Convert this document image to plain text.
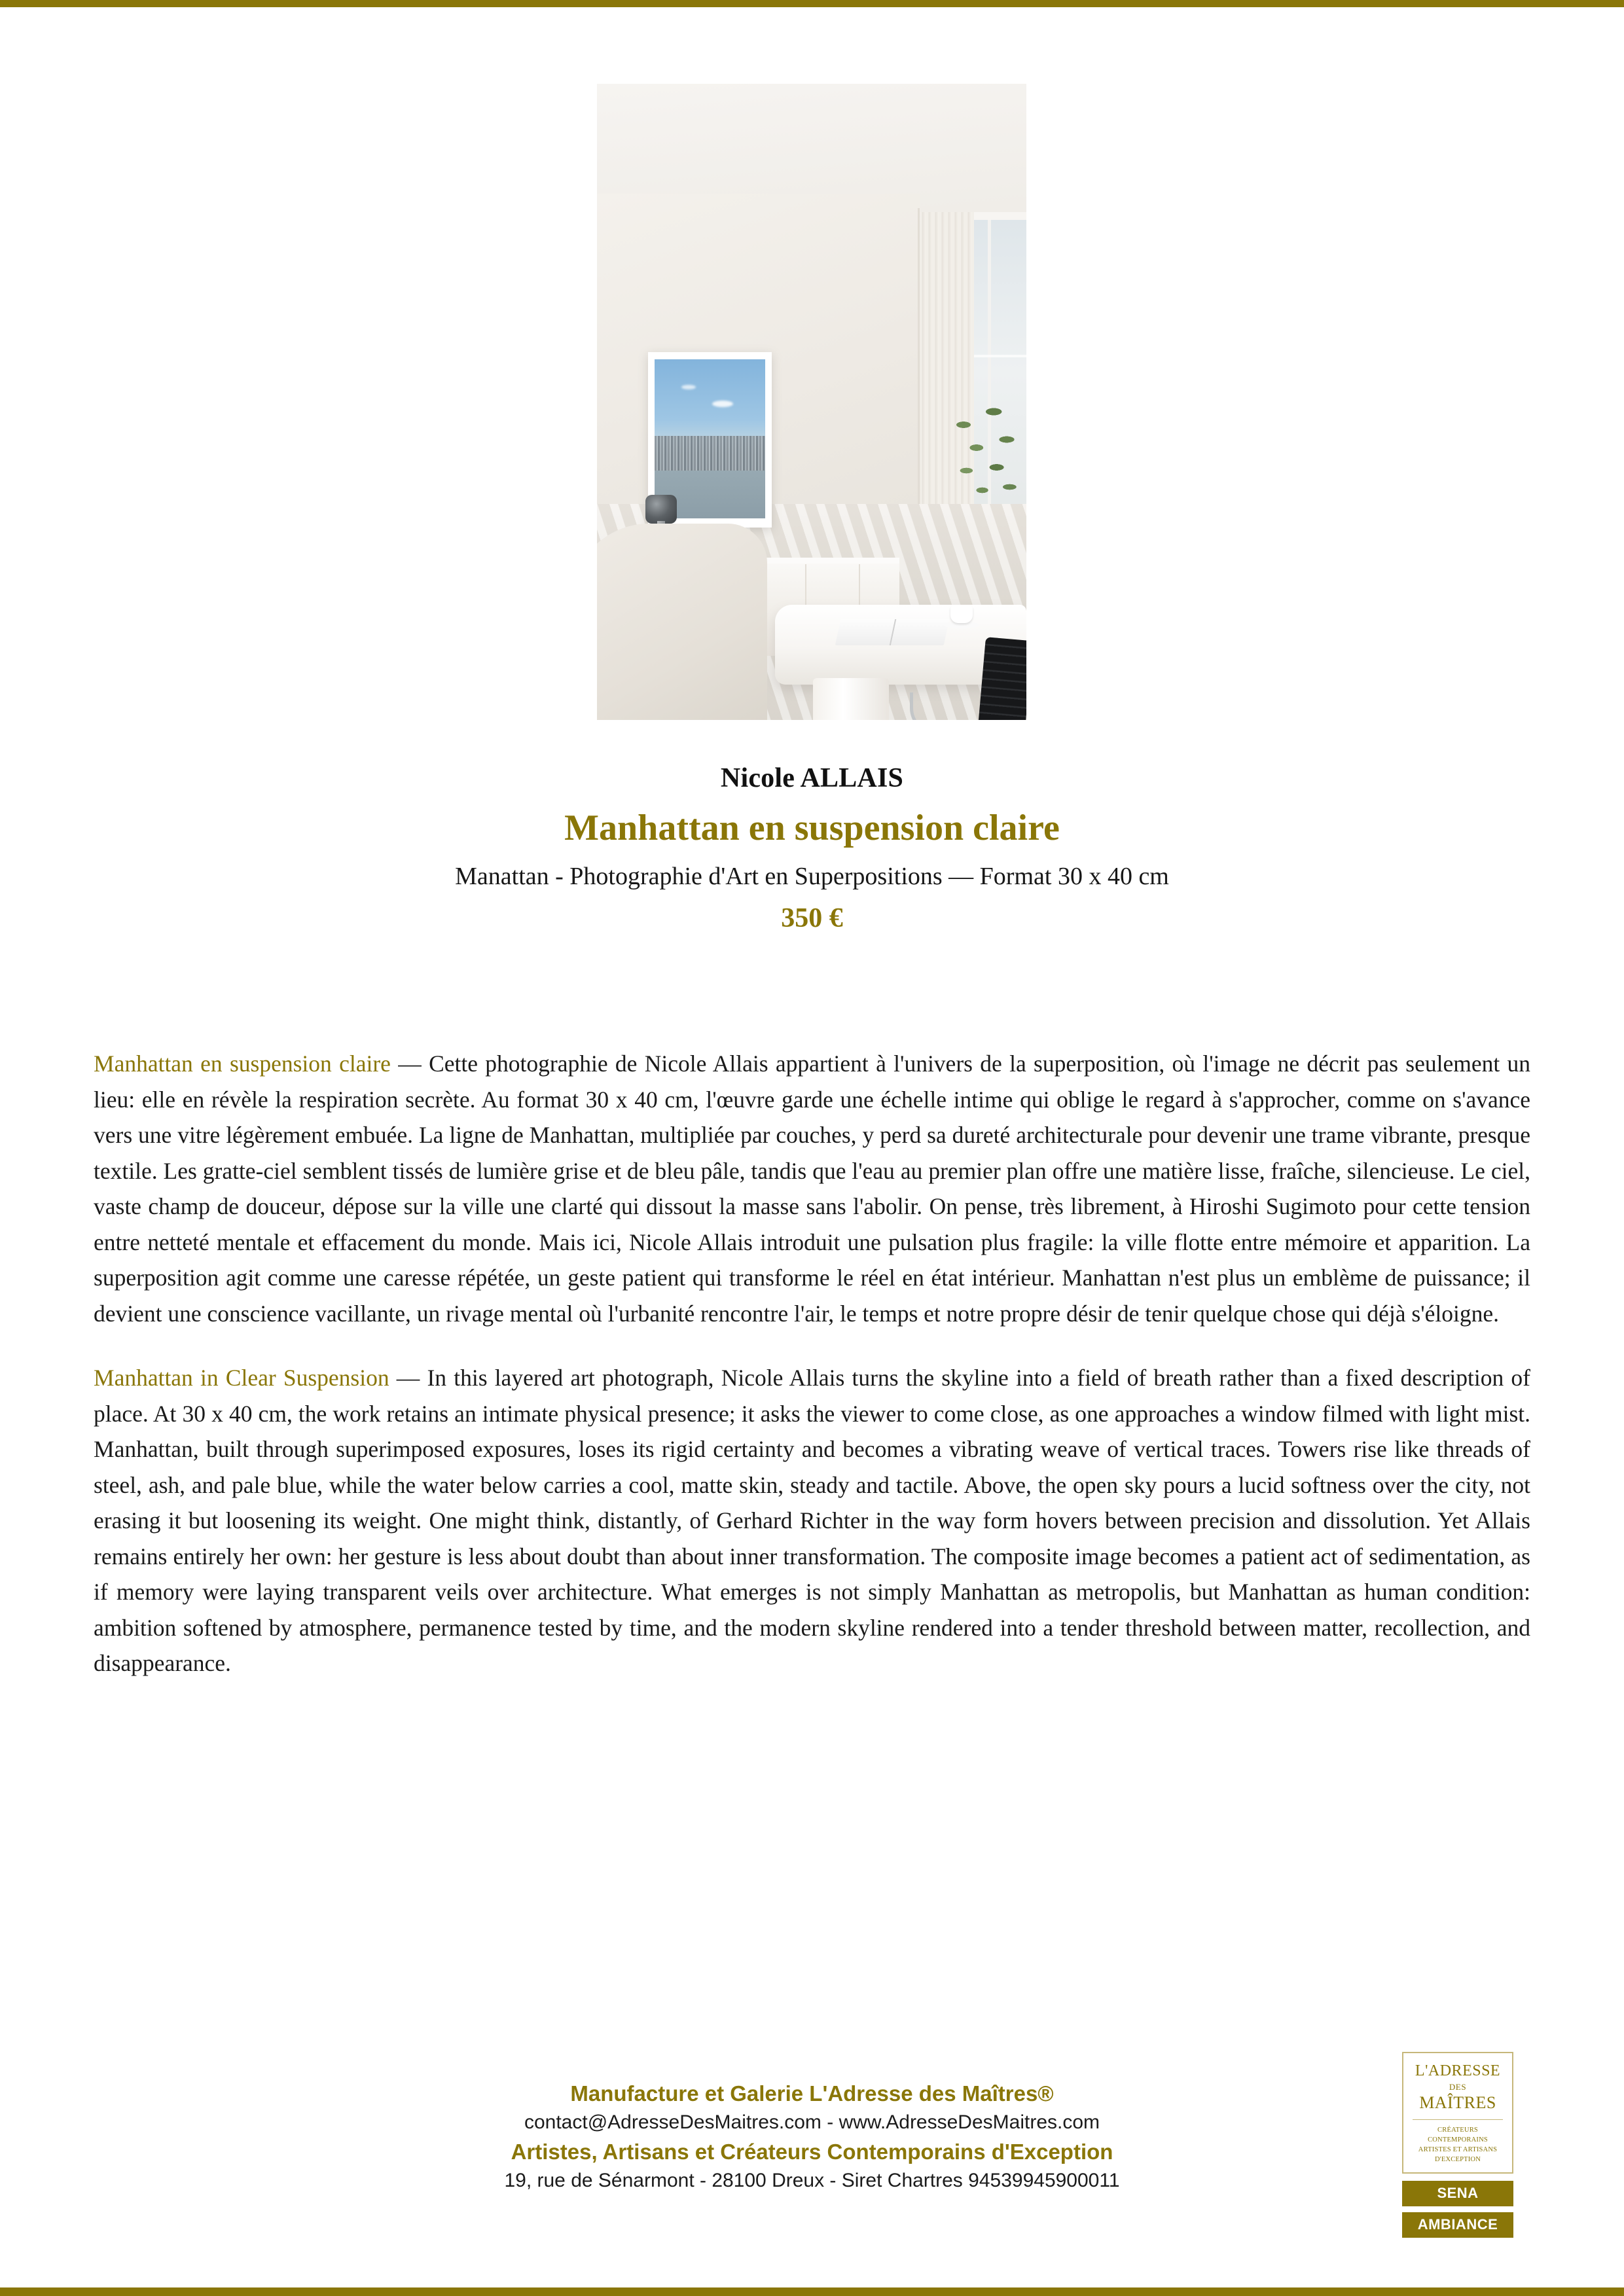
Nicole ALLAIS
Manhattan en suspension claire
Manattan - Photographie d'Art en Superpositions — Format 30 x 40 cm
350 €

Manhattan en suspension claire — Cette photographie de Nicole Allais appartient à l'univers de la superposition, où l'image ne décrit pas seulement un lieu: elle en révèle la respiration secrète. Au format 30 x 40 cm, l'œuvre garde une échelle intime qui oblige le regard à s'approcher, comme on s'avance vers une vitre légèrement embuée. La ligne de Manhattan, multipliée par couches, y perd sa dureté architecturale pour devenir une trame vibrante, presque textile. Les gratte-ciel semblent tissés de lumière grise et de bleu pâle, tandis que l'eau au premier plan offre une matière lisse, fraîche, silencieuse. Le ciel, vaste champ de douceur, dépose sur la ville une clarté qui dissout la masse sans l'abolir. On pense, très librement, à Hiroshi Sugimoto pour cette tension entre netteté mentale et effacement du monde. Mais ici, Nicole Allais introduit une pulsation plus fragile: la ville flotte entre mémoire et apparition. La superposition agit comme une caresse répétée, un geste patient qui transforme le réel en état intérieur. Manhattan n'est plus un emblème de puissance; il devient une conscience vacillante, un rivage mental où l'urbanité rencontre l'air, le temps et notre propre désir de tenir quelque chose qui déjà s'éloigne.

Manhattan in Clear Suspension — In this layered art photograph, Nicole Allais turns the skyline into a field of breath rather than a fixed description of place. At 30 x 40 cm, the work retains an intimate physical presence; it asks the viewer to come close, as one approaches a window filmed with light mist. Manhattan, built through superimposed exposures, loses its rigid certainty and becomes a vibrating weave of vertical traces. Towers rise like threads of steel, ash, and pale blue, while the water below carries a cool, matte skin, steady and tactile. Above, the open sky pours a lucid softness over the city, not erasing it but loosening its weight. One might think, distantly, of Gerhard Richter in the way form hovers between precision and dissolution. Yet Allais remains entirely her own: her gesture is less about doubt than about inner transformation. The composite image becomes a patient act of sedimentation, as if memory were laying transparent veils over architecture. What emerges is not simply Manhattan as metropolis, but Manhattan as human condition: ambition softened by atmosphere, permanence tested by time, and the modern skyline rendered into a tender threshold between matter, recollection, and disappearance.

Manufacture et Galerie L'Adresse des Maîtres®
contact@AdresseDesMaitres.com - www.AdresseDesMaitres.com
Artistes, Artisans et Créateurs Contemporains d'Exception
19, rue de Sénarmont - 28100 Dreux - Siret Chartres 94539945900011
L'ADRESSE
DES
MAÎTRES
CRÉATEURS CONTEMPORAINS
ARTISTES ET ARTISANS
D'EXCEPTION
SENA
AMBIANCE
